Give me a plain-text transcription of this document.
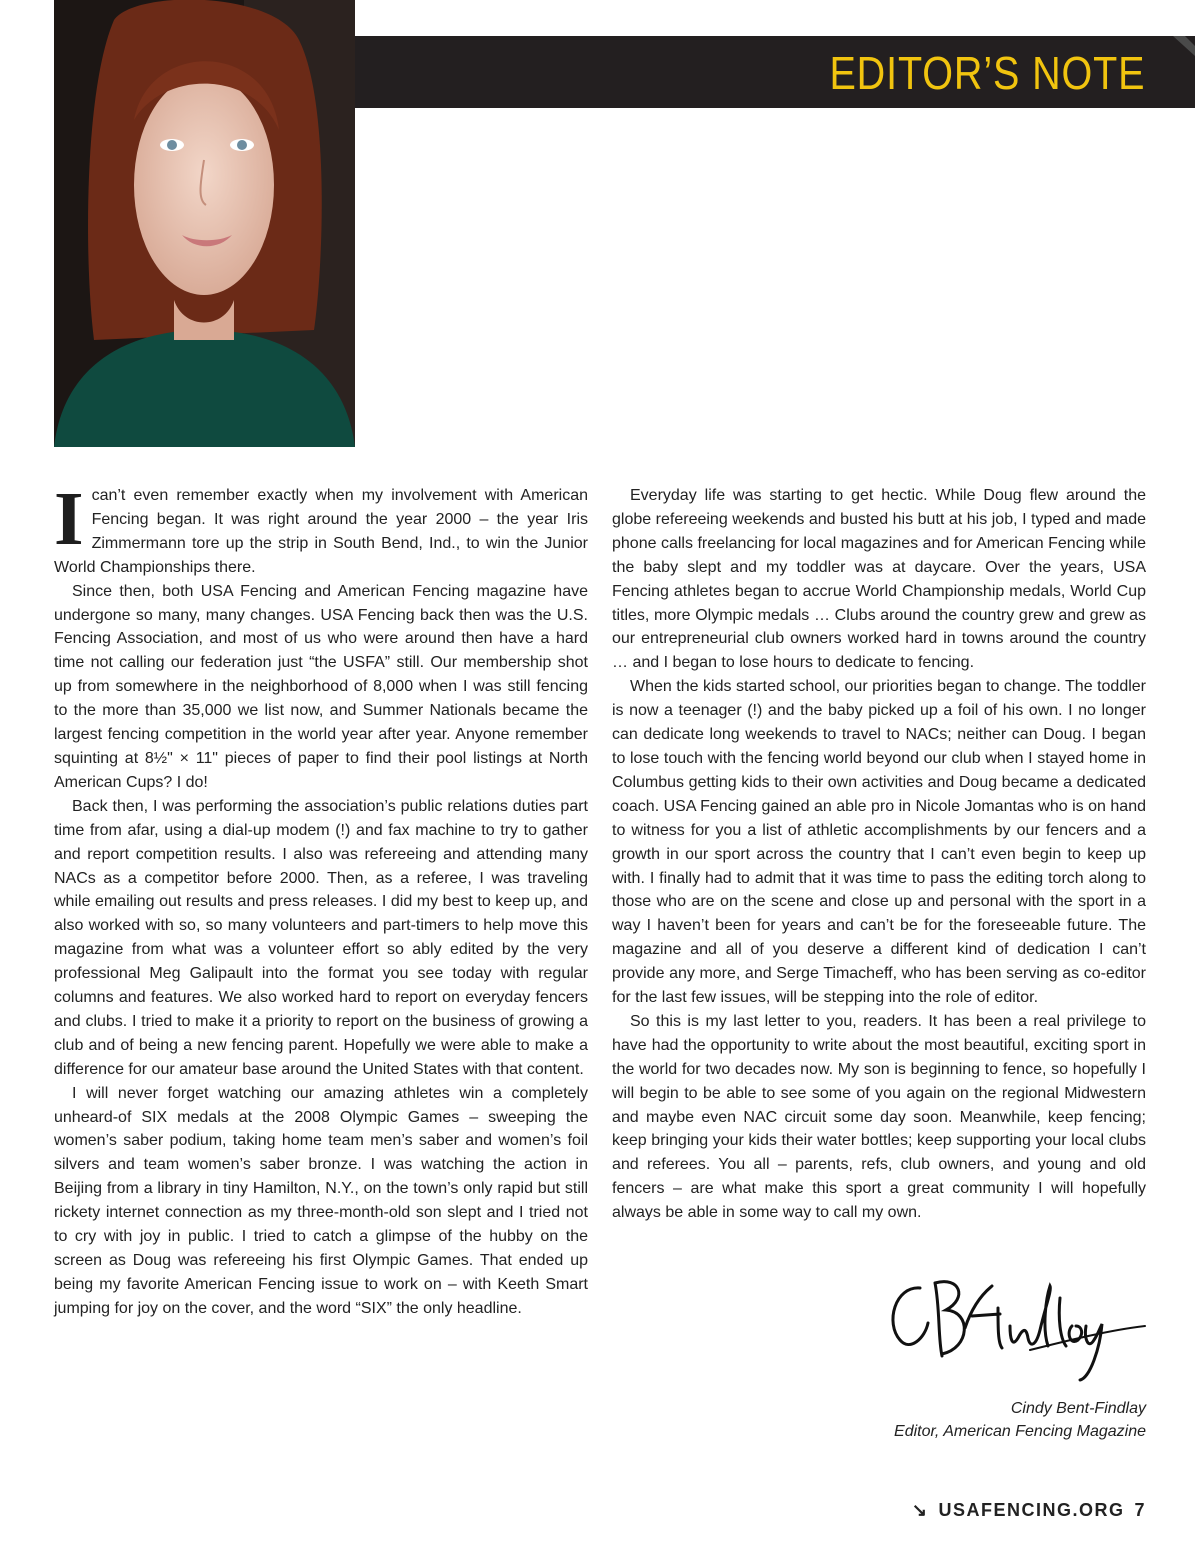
EDITOR’S NOTE

Ican’t even remember exactly when my involvement with American Fencing began. It was right around the year 2000 – the year Iris Zimmermann tore up the strip in South Bend, Ind., to win the Junior World Championships there.

Since then, both USA Fencing and American Fencing magazine have undergone so many, many changes. USA Fencing back then was the U.S. Fencing Association, and most of us who were around then have a hard time not calling our federation just “the USFA” still. Our membership shot up from somewhere in the neighborhood of 8,000 when I was still fencing to the more than 35,000 we list now, and Summer Nationals became the largest fencing competition in the world year after year. Anyone remember squinting at 8½" × 11" pieces of paper to find their pool listings at North American Cups? I do!

Back then, I was performing the association’s public relations duties part time from afar, using a dial-up modem (!) and fax machine to try to gather and report competition results. I also was refereeing and attending many NACs as a competitor before 2000. Then, as a referee, I was traveling while emailing out results and press releases. I did my best to keep up, and also worked with so, so many volunteers and part-timers to help move this magazine from what was a volunteer effort so ably edited by the very professional Meg Galipault into the format you see today with regular columns and features. We also worked hard to report on everyday fencers and clubs. I tried to make it a priority to report on the business of growing a club and of being a new fencing parent. Hopefully we were able to make a difference for our amateur base around the United States with that content.

I will never forget watching our amazing athletes win a completely unheard-of SIX medals at the 2008 Olympic Games – sweeping the women’s saber podium, taking home team men’s saber and women’s foil silvers and team women’s saber bronze. I was watching the action in Beijing from a library in tiny Hamilton, N.Y., on the town’s only rapid but still rickety internet connection as my three-month-old son slept and I tried not to cry with joy in public. I tried to catch a glimpse of the hubby on the screen as Doug was refereeing his first Olympic Games. That ended up being my favorite American Fencing issue to work on – with Keeth Smart jumping for joy on the cover, and the word “SIX” the only headline.

Everyday life was starting to get hectic. While Doug flew around the globe refereeing weekends and busted his butt at his job, I typed and made phone calls freelancing for local magazines and for American Fencing while the baby slept and my toddler was at daycare. Over the years, USA Fencing athletes began to accrue World Championship medals, World Cup titles, more Olympic medals … Clubs around the country grew and grew as our entrepreneurial club owners worked hard in towns around the country … and I began to lose hours to dedicate to fencing.

When the kids started school, our priorities began to change. The toddler is now a teenager (!) and the baby picked up a foil of his own. I no longer can dedicate long weekends to travel to NACs; neither can Doug. I began to lose touch with the fencing world beyond our club when I stayed home in Columbus getting kids to their own activities and Doug became a dedicated coach. USA Fencing gained an able pro in Nicole Jomantas who is on hand to witness for you a list of athletic accomplishments by our fencers and a growth in our sport across the country that I can’t even begin to keep up with. I finally had to admit that it was time to pass the editing torch along to those who are on the scene and close up and personal with the sport in a way I haven’t been for years and can’t be for the foreseeable future. The magazine and all of you deserve a different kind of dedication I can’t provide any more, and Serge Timacheff, who has been serving as co-editor for the last few issues, will be stepping into the role of editor.

So this is my last letter to you, readers. It has been a real privilege to have had the opportunity to write about the most beautiful, exciting sport in the world for two decades now. My son is beginning to fence, so hopefully I will begin to be able to see some of you again on the regional Midwestern and maybe even NAC circuit some day soon. Meanwhile, keep fencing; keep bringing your kids their water bottles; keep supporting your local clubs and referees. You all – parents, refs, club owners, and young and old fencers – are what make this sport a great community I will hopefully always be able in some way to call my own.

Cindy Bent-Findlay
Editor, American Fencing Magazine
↘ USAFENCING.ORG 7
